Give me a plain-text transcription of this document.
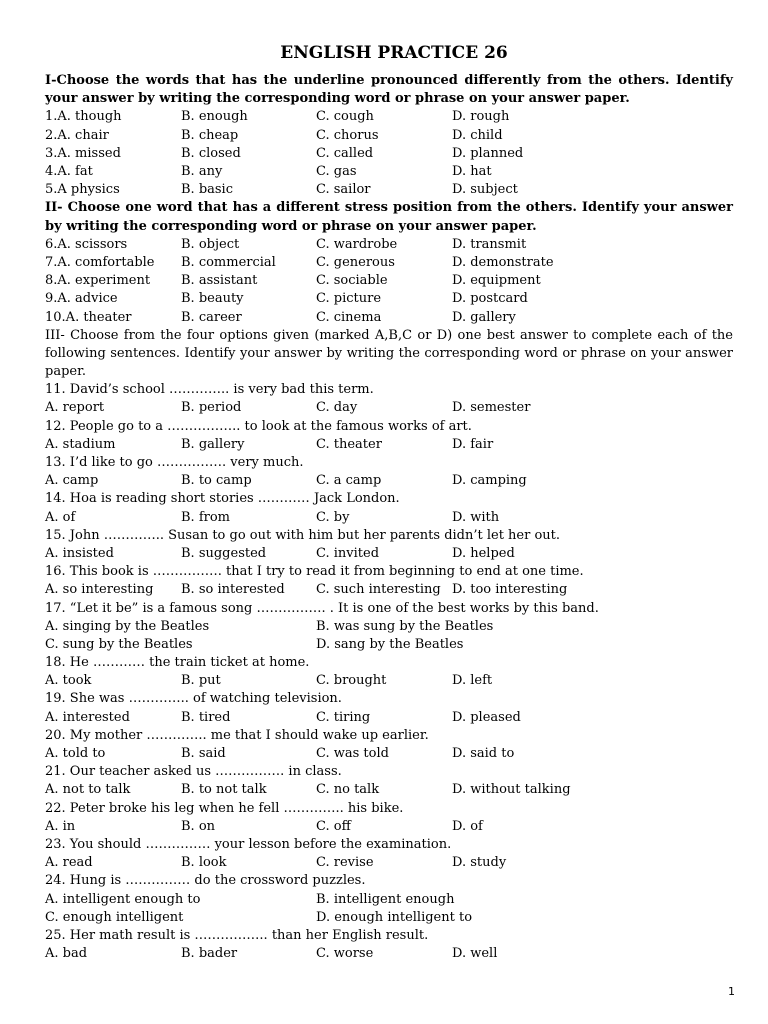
ENGLISH PRACTICE 26
I-Choose the words that has the underline pronounced differently from the others. Identify your answer by writing the corresponding word or phrase on your answer paper.
1.A. though	B. enough	C. cough	D. rough
2.A. chair	B. cheap	C. chorus	D. child
3.A. missed	B. closed	C. called	D. planned
4.A. fat	B. any	C. gas	D. hat
5.A physics	B. basic	C. sailor	D. subject
II- Choose one word that has a different stress position from the others. Identify your answer by writing the corresponding word or phrase on your answer paper.
6.A. scissors	B. object	C. wardrobe	D. transmit
7.A. comfortable B. commercial	C. generous	D. demonstrate
8.A. experiment B. assistant	C. sociable	D. equipment
9.A. advice	B. beauty	C. picture	D. postcard
10.A. theater	B. career	C. cinema	D. gallery
III- Choose from the four options given (marked A,B,C or D) one best answer to complete each of the following sentences. Identify your answer by writing the corresponding word or phrase on your answer paper.
11. David’s school ………….. is very bad this term.
A. report	B. period	C. day	D. semester
12. People go to a …………….. to look at the famous works of art.
A. stadium	B. gallery	C. theater	D. fair
13. I’d like to go ……………. very much.
A. camp	B. to camp	C. a camp	D. camping
14. Hoa is reading short stories ………… Jack London.
A. of	B. from	C. by	D. with
15. John ………….. Susan to go out with him but her parents didn’t let her out.
A. insisted	B. suggested	C. invited	D. helped
16. This book is ……………. that I try to read it from beginning to end at one time.
A. so interesting B. so interested C. such interesting D. too interesting
17. “Let it be” is a famous song ……………. . It is one of the best works by this band.
A. singing by the Beatles	B. was sung by the Beatles
C. sung by the Beatles	D. sang by the Beatles
18. He ………… the train ticket at home.
A. took	B. put	C. brought	D. left
19. She was ………….. of watching television.
A. interested	B. tired	C. tiring	D. pleased
20. My mother ………….. me that I should wake up earlier.
A. told to	B. said	C. was told	D. said to
21. Our teacher asked us ……………. in class.
A. not to talk	B. to not talk	C. no talk	D. without talking
22. Peter broke his leg when he fell ………….. his bike.
A. in	B. on	C. off	D. of
23. You should …………… your lesson before the examination.
A. read	B. look	C. revise	D. study
24. Hung is …………… do the crossword puzzles.
A. intelligent enough to	B. intelligent enough
C. enough intelligent	D. enough intelligent to
25. Her math result is …………….. than her English result.
A. bad	B. bader	C. worse	D. well
1
